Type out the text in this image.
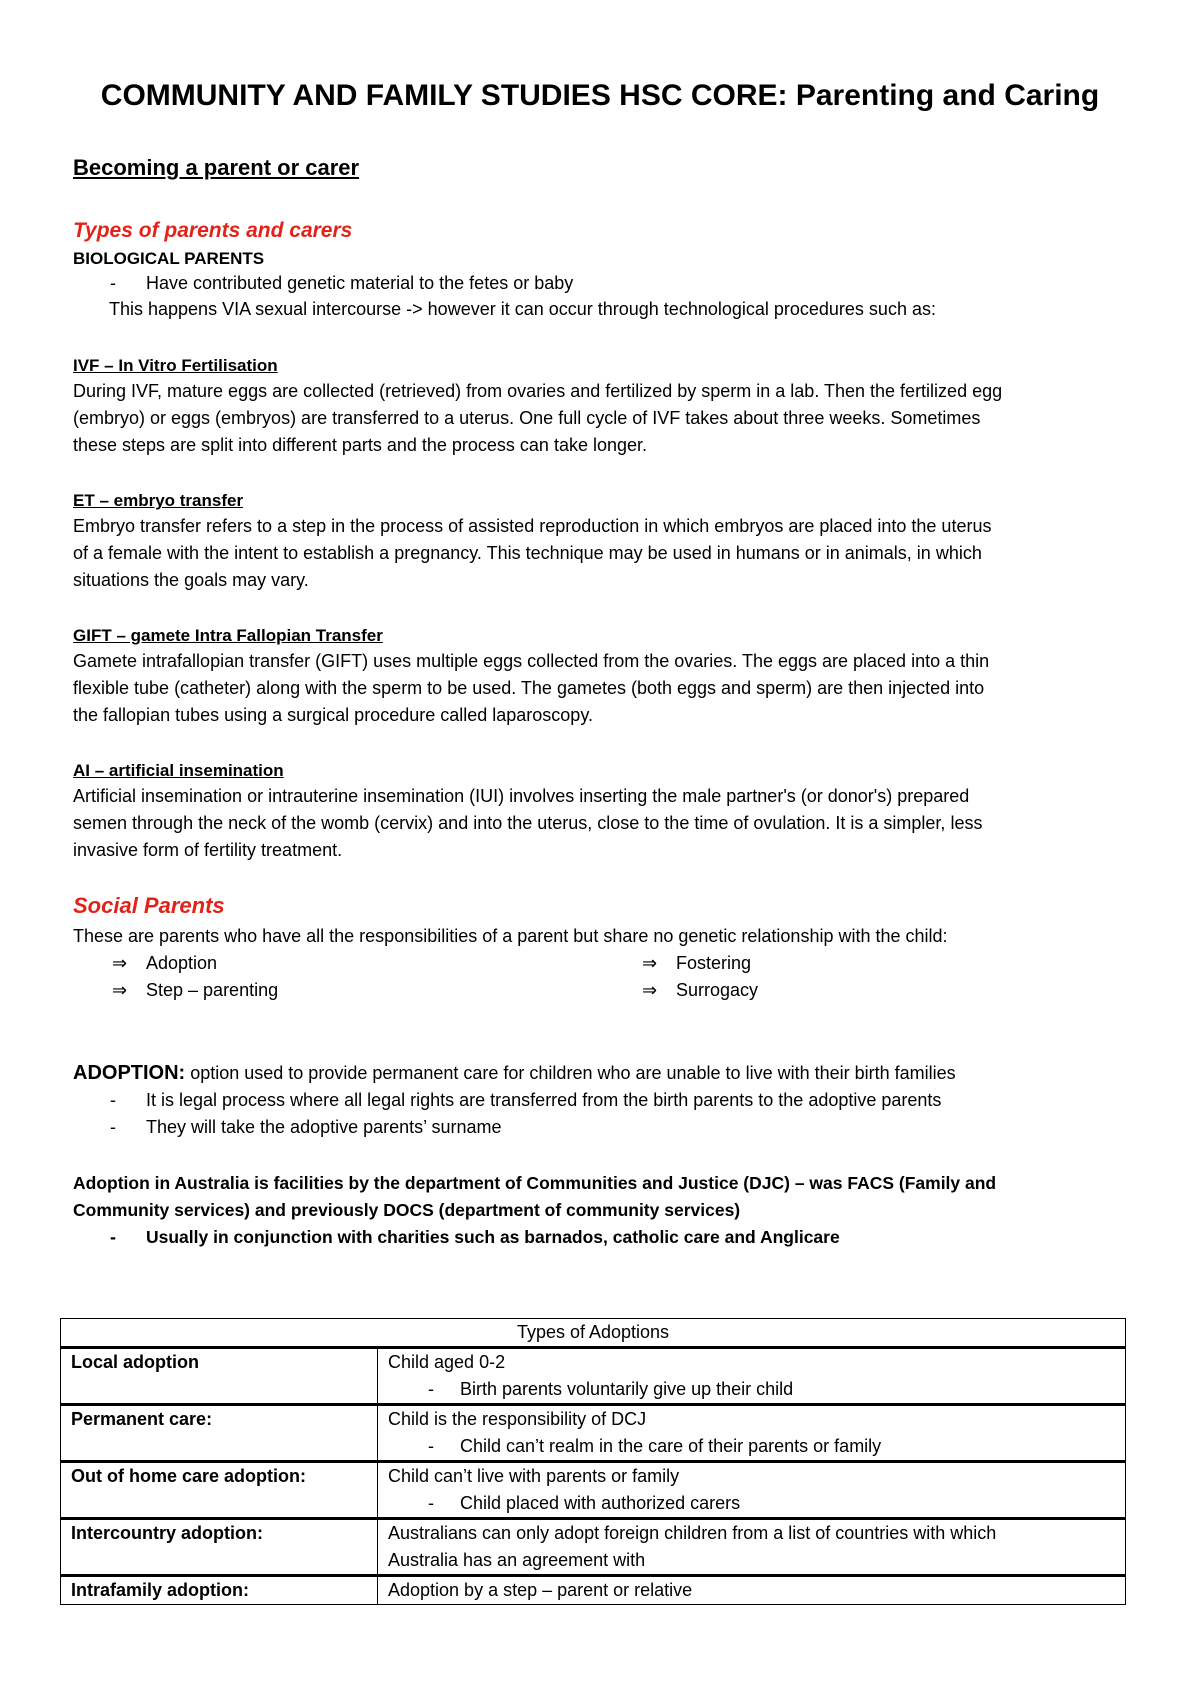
COMMUNITY AND FAMILY STUDIES HSC CORE: Parenting and Caring
Becoming a parent or carer
Types of parents and carers
BIOLOGICAL PARENTS
- Have contributed genetic material to the fetes or baby
This happens VIA sexual intercourse -> however it can occur through technological procedures such as:
IVF – In Vitro Fertilisation
During IVF, mature eggs are collected (retrieved) from ovaries and fertilized by sperm in a lab. Then the fertilized egg
(embryo) or eggs (embryos) are transferred to a uterus. One full cycle of IVF takes about three weeks. Sometimes
these steps are split into different parts and the process can take longer.
ET – embryo transfer
Embryo transfer refers to a step in the process of assisted reproduction in which embryos are placed into the uterus
of a female with the intent to establish a pregnancy. This technique may be used in humans or in animals, in which
situations the goals may vary.
GIFT – gamete Intra Fallopian Transfer
Gamete intrafallopian transfer (GIFT) uses multiple eggs collected from the ovaries. The eggs are placed into a thin
flexible tube (catheter) along with the sperm to be used. The gametes (both eggs and sperm) are then injected into
the fallopian tubes using a surgical procedure called laparoscopy.
AI – artificial insemination
Artificial insemination or intrauterine insemination (IUI) involves inserting the male partner's (or donor's) prepared
semen through the neck of the womb (cervix) and into the uterus, close to the time of ovulation. It is a simpler, less
invasive form of fertility treatment.
Social Parents
These are parents who have all the responsibilities of a parent but share no genetic relationship with the child:
⇒ Adoption
⇒ Step – parenting
⇒ Fostering
⇒ Surrogacy
ADOPTION: option used to provide permanent care for children who are unable to live with their birth families
- It is legal process where all legal rights are transferred from the birth parents to the adoptive parents
- They will take the adoptive parents’ surname
Adoption in Australia is facilities by the department of Communities and Justice (DJC) – was FACS (Family and
Community services) and previously DOCS (department of community services)
- Usually in conjunction with charities such as barnados, catholic care and Anglicare
Types of Adoptions	
Local adoption	Child aged 0-2
- Birth parents voluntarily give up their child

Permanent care:	Child is the responsibility of DCJ
- Child can’t realm in the care of their parents or family

Out of home care adoption:	Child can’t live with parents or family
- Child placed with authorized carers

Intercountry adoption:	Australians can only adopt foreign children from a list of countries with which
Australia has an agreement with
Intrafamily adoption:	Adoption by a step – parent or relative
